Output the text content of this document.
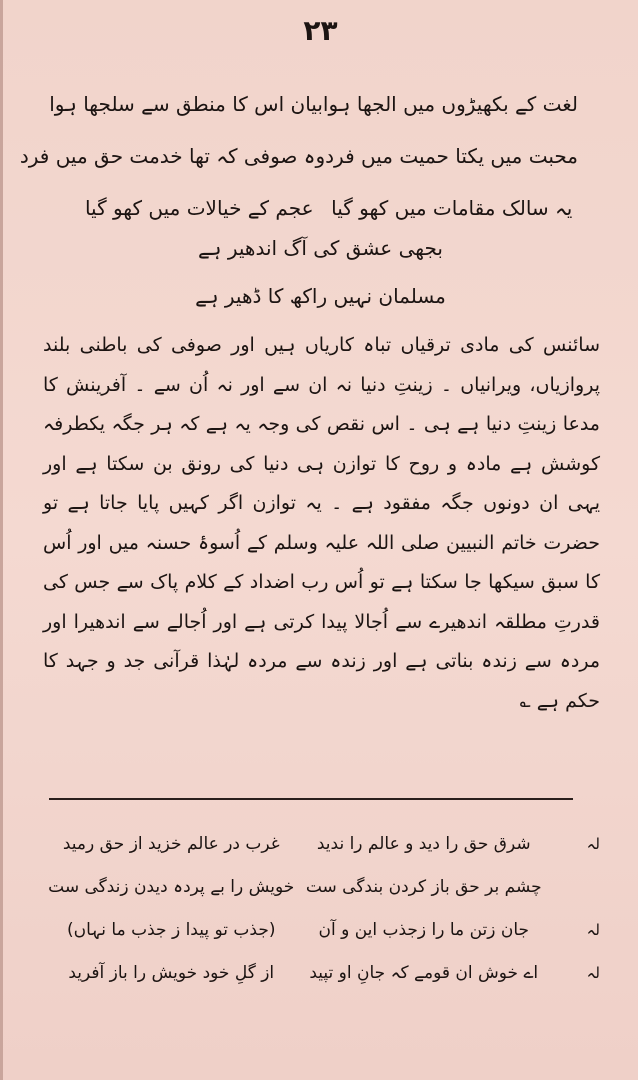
۲۳
لغت کے بکھیڑوں میں الجھا ہوا
بیان اس کا منطق سے سلجھا ہوا
محبت میں یکتا حمیت میں فرد
وہ صوفی کہ تھا خدمت حق میں فرد
یہ سالک مقامات میں کھو گیا
عجم کے خیالات میں کھو گیا
بجھی عشق کی آگ اندھیر ہے
مسلمان نہیں راکھ کا ڈھیر ہے

سائنس کی مادی ترقیاں تباہ کاریاں ہیں اور صوفی کی باطنی بلند پروازیاں، ویرانیاں ۔ زینتِ دنیا نہ ان سے اور نہ اُن سے ۔ آفرینش کا مدعا زینتِ دنیا ہے ہی ۔ اس نقص کی وجہ یہ ہے کہ ہر جگہ یکطرفہ کوشش ہے مادہ و روح کا توازن ہی دنیا کی رونق بن سکتا ہے اور یہی ان دونوں جگہ مفقود ہے ۔ یہ توازن اگر کہیں پایا جاتا ہے تو حضرت خاتم النبیین صلی اللہ علیہ وسلم کے اُسوۂ حسنہ میں اور اُس کا سبق سیکھا جا سکتا ہے تو اُس رب اضداد کے کلام پاک سے جس کی قدرتِ مطلقہ اندھیرے سے اُجالا پیدا کرتی ہے اور اُجالے سے اندھیرا اور مردہ سے زندہ بناتی ہے اور زندہ سے مردہ لہٰذا قرآنی جد و جہد کا حکم ہے ؎

لہ
شرق حق را دید و عالم را ندید
غرب در عالم خزید از حق رمید
چشم بر حق باز کردن بندگی ست
خویش را بے پردہ دیدن زندگی ست
لہ
جان زتن ما را زجذب این و آن
(جذب تو پیدا ز جذب ما نہاں)
لہ
اے خوش ان قومے کہ جانِ او تپید
از گلِ خود خویش را باز آفرید
